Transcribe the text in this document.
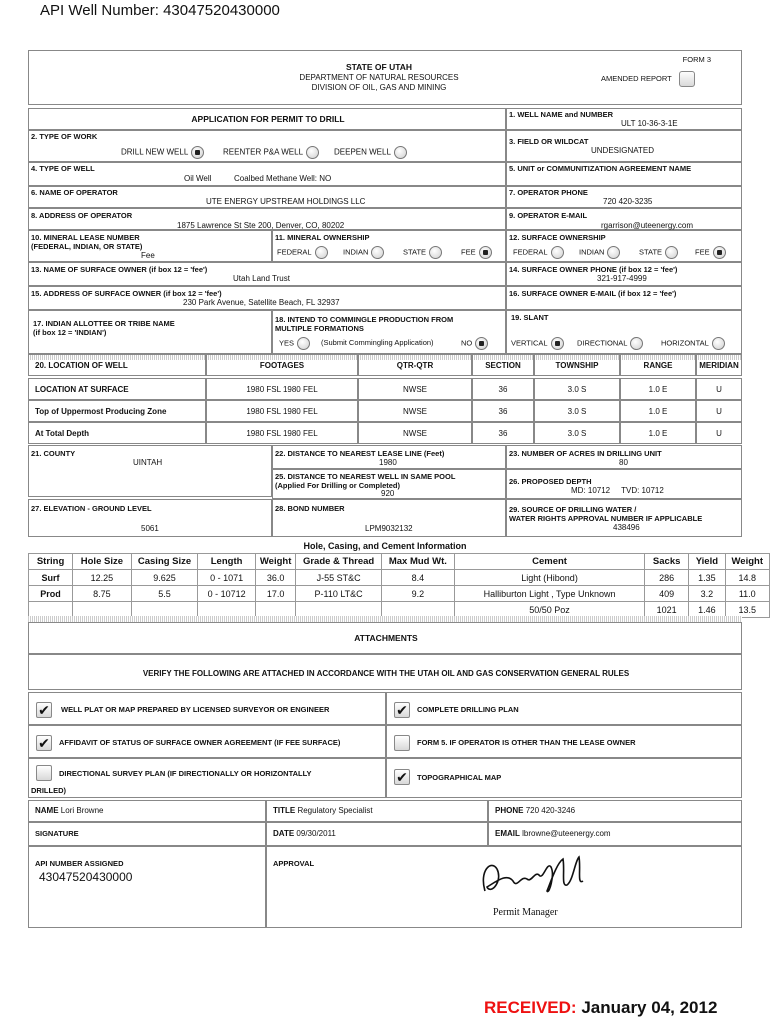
API Well Number: 43047520430000
FORM 3
STATE OF UTAH
DEPARTMENT OF NATURAL RESOURCES
DIVISION OF OIL, GAS AND MINING
AMENDED REPORT
APPLICATION FOR PERMIT TO DRILL	1. WELL NAME and NUMBER
ULT 10-36-3-1E
2. TYPE OF WORK
DRILL NEW WELL	REENTER P&A WELL	DEEPEN WELL
3. FIELD OR WILDCAT
UNDESIGNATED
4. TYPE OF WELL
Oil Well	Coalbed Methane Well: NO
5. UNIT or COMMUNITIZATION AGREEMENT NAME
6. NAME OF OPERATOR
UTE ENERGY UPSTREAM HOLDINGS LLC
7. OPERATOR PHONE
720 420-3235
8. ADDRESS OF OPERATOR
1875 Lawrence St Ste 200, Denver, CO, 80202
9. OPERATOR E-MAIL
rgarrison@uteenergy.com
10. MINERAL LEASE NUMBER
(FEDERAL, INDIAN, OR STATE)
Fee
11. MINERAL OWNERSHIP
FEDERAL	INDIAN	STATE	FEE
12. SURFACE OWNERSHIP
FEDERAL	INDIAN	STATE	FEE
13. NAME OF SURFACE OWNER (if box 12 = 'fee')
Utah Land Trust
14. SURFACE OWNER PHONE (if box 12 = 'fee')
321-917-4999
15. ADDRESS OF SURFACE OWNER (if box 12 = 'fee')
230 Park Avenue, Satellite Beach, FL 32937
16. SURFACE OWNER E-MAIL (if box 12 = 'fee')
17. INDIAN ALLOTTEE OR TRIBE NAME
(if box 12 = 'INDIAN')
18. INTEND TO COMMINGLE PRODUCTION FROM
MULTIPLE FORMATIONS
YES	(Submit Commingling Application)	NO
19. SLANT
VERTICAL	DIRECTIONAL	HORIZONTAL
20. LOCATION OF WELL	FOOTAGES	QTR-QTR	SECTION	TOWNSHIP	RANGE	MERIDIAN
LOCATION AT SURFACE	1980 FSL 1980 FEL	NWSE	36	3.0 S	1.0 E	U
Top of Uppermost Producing Zone	1980 FSL 1980 FEL	NWSE	36	3.0 S	1.0 E	U
At Total Depth	1980 FSL 1980 FEL	NWSE	36	3.0 S	1.0 E	U
21. COUNTY
UINTAH
22. DISTANCE TO NEAREST LEASE LINE (Feet)
1980
23. NUMBER OF ACRES IN DRILLING UNIT
80
25. DISTANCE TO NEAREST WELL IN SAME POOL
(Applied For Drilling or Completed)
920
26. PROPOSED DEPTH
MD: 10712     TVD: 10712
27. ELEVATION - GROUND LEVEL
5061
28. BOND NUMBER
LPM9032132
29. SOURCE OF DRILLING WATER /
WATER RIGHTS APPROVAL NUMBER IF APPLICABLE
438496
Hole, Casing, and Cement Information
String	Hole Size	Casing Size	Length	Weight	Grade & Thread	Max Mud Wt.	Cement	Sacks	Yield	Weight
Surf	12.25	9.625	0 - 1071	36.0	J-55 ST&C	8.4	Light (Hibond)	286	1.35	14.8
Prod	8.75	5.5	0 - 10712	17.0	P-110 LT&C	9.2	Halliburton Light , Type Unknown	409	3.2	11.0
							50/50 Poz	1021	1.46	13.5
ATTACHMENTS
VERIFY THE FOLLOWING ARE ATTACHED IN ACCORDANCE WITH THE UTAH OIL AND GAS CONSERVATION GENERAL RULES
✔ WELL PLAT OR MAP PREPARED BY LICENSED SURVEYOR OR ENGINEER	✔ COMPLETE DRILLING PLAN
✔ AFFIDAVIT OF STATUS OF SURFACE OWNER AGREEMENT (IF FEE SURFACE)	FORM 5. IF OPERATOR IS OTHER THAN THE LEASE OWNER
DIRECTIONAL SURVEY PLAN (IF DIRECTIONALLY OR HORIZONTALLY
DRILLED)
✔ TOPOGRAPHICAL MAP
NAME Lori Browne	TITLE Regulatory Specialist	PHONE 720 420-3246
SIGNATURE	DATE 09/30/2011	EMAIL lbrowne@uteenergy.com
API NUMBER ASSIGNED
43047520430000
APPROVAL
Permit Manager
RECEIVED: January 04, 2012
